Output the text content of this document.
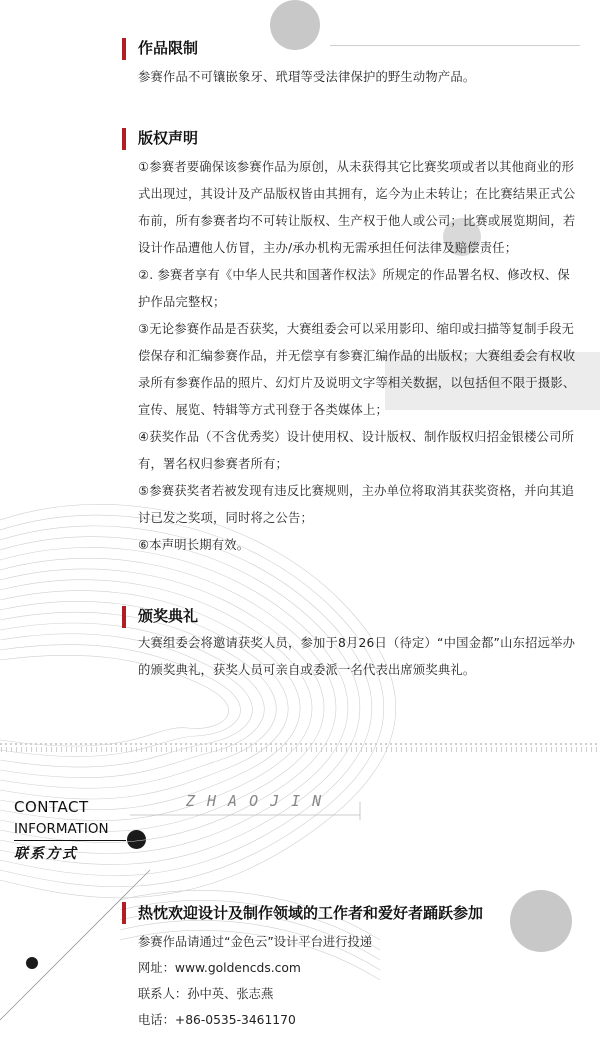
作品限制

参赛作品不可镶嵌象牙、玳瑁等受法律保护的野生动物产品。

版权声明

①参赛者要确保该参赛作品为原创，从未获得其它比赛奖项或者以其他商业的形式出现过，其设计及产品版权皆由其拥有，迄今为止未转让；在比赛结果正式公布前，所有参赛者均不可转让版权、生产权于他人或公司；比赛或展览期间，若设计作品遭他人仿冒，主办/承办机构无需承担任何法律及赔偿责任；

②. 参赛者享有《中华人民共和国著作权法》所规定的作品署名权、修改权、保护作品完整权；

③无论参赛作品是否获奖，大赛组委会可以采用影印、缩印或扫描等复制手段无偿保存和汇编参赛作品，并无偿享有参赛汇编作品的出版权；大赛组委会有权收录所有参赛作品的照片、幻灯片及说明文字等相关数据，以包括但不限于摄影、宣传、展览、特辑等方式刊登于各类媒体上；

④获奖作品（不含优秀奖）设计使用权、设计版权、制作版权归招金银楼公司所有，署名权归参赛者所有；

⑤参赛获奖者若被发现有违反比赛规则，主办单位将取消其获奖资格，并向其追讨已发之奖项，同时将之公告；

⑥本声明长期有效。

颁奖典礼

大赛组委会将邀请获奖人员，参加于8月26日（待定）“中国金都”山东招远举办的颁奖典礼，获奖人员可亲自或委派一名代表出席颁奖典礼。

CONTACT
INFORMATION
联系方式
ZHAOJIN
热忱欢迎设计及制作领域的工作者和爱好者踊跃参加
参赛作品请通过“金色云”设计平台进行投递
网址：www.goldencds.com
联系人：孙中英、张志燕
电话：+86-0535-3461170
